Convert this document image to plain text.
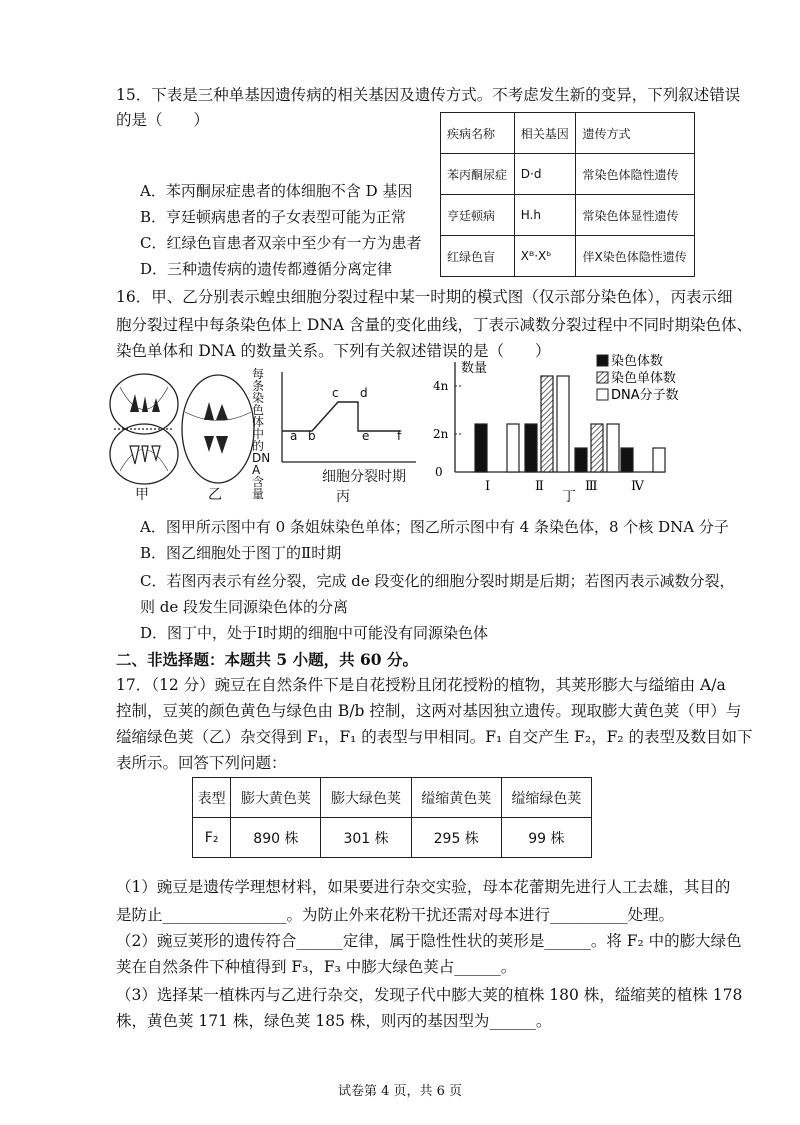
15．下表是三种单基因遗传病的相关基因及遗传方式。不考虑发生新的变异，下列叙述错误
的是（　　）
疾病名称	相关基因	遗传方式
苯丙酮尿症	D·d	常染色体隐性遗传
亨廷顿病	H.h	常染色体显性遗传
红绿色盲	Xᴮ·Xᵇ	伴X染色体隐性遗传
A．苯丙酮尿症患者的体细胞不含 D 基因
B．亨廷顿病患者的子女表型可能为正常
C．红绿色盲患者双亲中至少有一方为患者
D．三种遗传病的遗传都遵循分离定律
16．甲、乙分别表示蝗虫细胞分裂过程中某一时期的模式图（仅示部分染色体），丙表示细
胞分裂过程中每条染色体上 DNA 含量的变化曲线，丁表示减数分裂过程中不同时期染色体、
染色单体和 DNA 的数量关系。下列有关叙述错误的是（　　）
甲	乙
每条染色体中的DNA含量
a b
c d
e f
细胞分裂时期
丙
数量
0
2n
4n
Ⅰ	Ⅱ	Ⅲ	Ⅳ
染色体数
染色单体数
DNA分子数
丁
A．图甲所示图中有 0 条姐妹染色单体；图乙所示图中有 4 条染色体，8 个核 DNA 分子
B．图乙细胞处于图丁的Ⅱ时期
C．若图丙表示有丝分裂，完成 de 段变化的细胞分裂时期是后期；若图丙表示减数分裂，
则 de 段发生同源染色体的分离
D．图丁中，处于Ⅰ时期的细胞中可能没有同源染色体
二、非选择题：本题共 5 小题，共 60 分。
17．（12 分）豌豆在自然条件下是自花授粉且闭花授粉的植物，其荚形膨大与缢缩由 A/a
控制，豆荚的颜色黄色与绿色由 B/b 控制，这两对基因独立遗传。现取膨大黄色荚（甲）与
缢缩绿色荚（乙）杂交得到 F₁，F₁ 的表型与甲相同。F₁ 自交产生 F₂，F₂ 的表型及数目如下
表所示。回答下列问题：
表型	膨大黄色荚	膨大绿色荚	缢缩黄色荚	缢缩绿色荚
F₂	890 株	301 株	295 株	99 株
（1）豌豆是遗传学理想材料，如果要进行杂交实验，母本花蕾期先进行人工去雄，其目的
是防止________________。为防止外来花粉干扰还需对母本进行__________处理。
（2）豌豆荚形的遗传符合______定律，属于隐性性状的荚形是______。将 F₂ 中的膨大绿色
荚在自然条件下种植得到 F₃，F₃ 中膨大绿色荚占______。
（3）选择某一植株丙与乙进行杂交，发现子代中膨大荚的植株 180 株，缢缩荚的植株 178
株，黄色荚 171 株，绿色荚 185 株，则丙的基因型为______。
试卷第 4 页，共 6 页
